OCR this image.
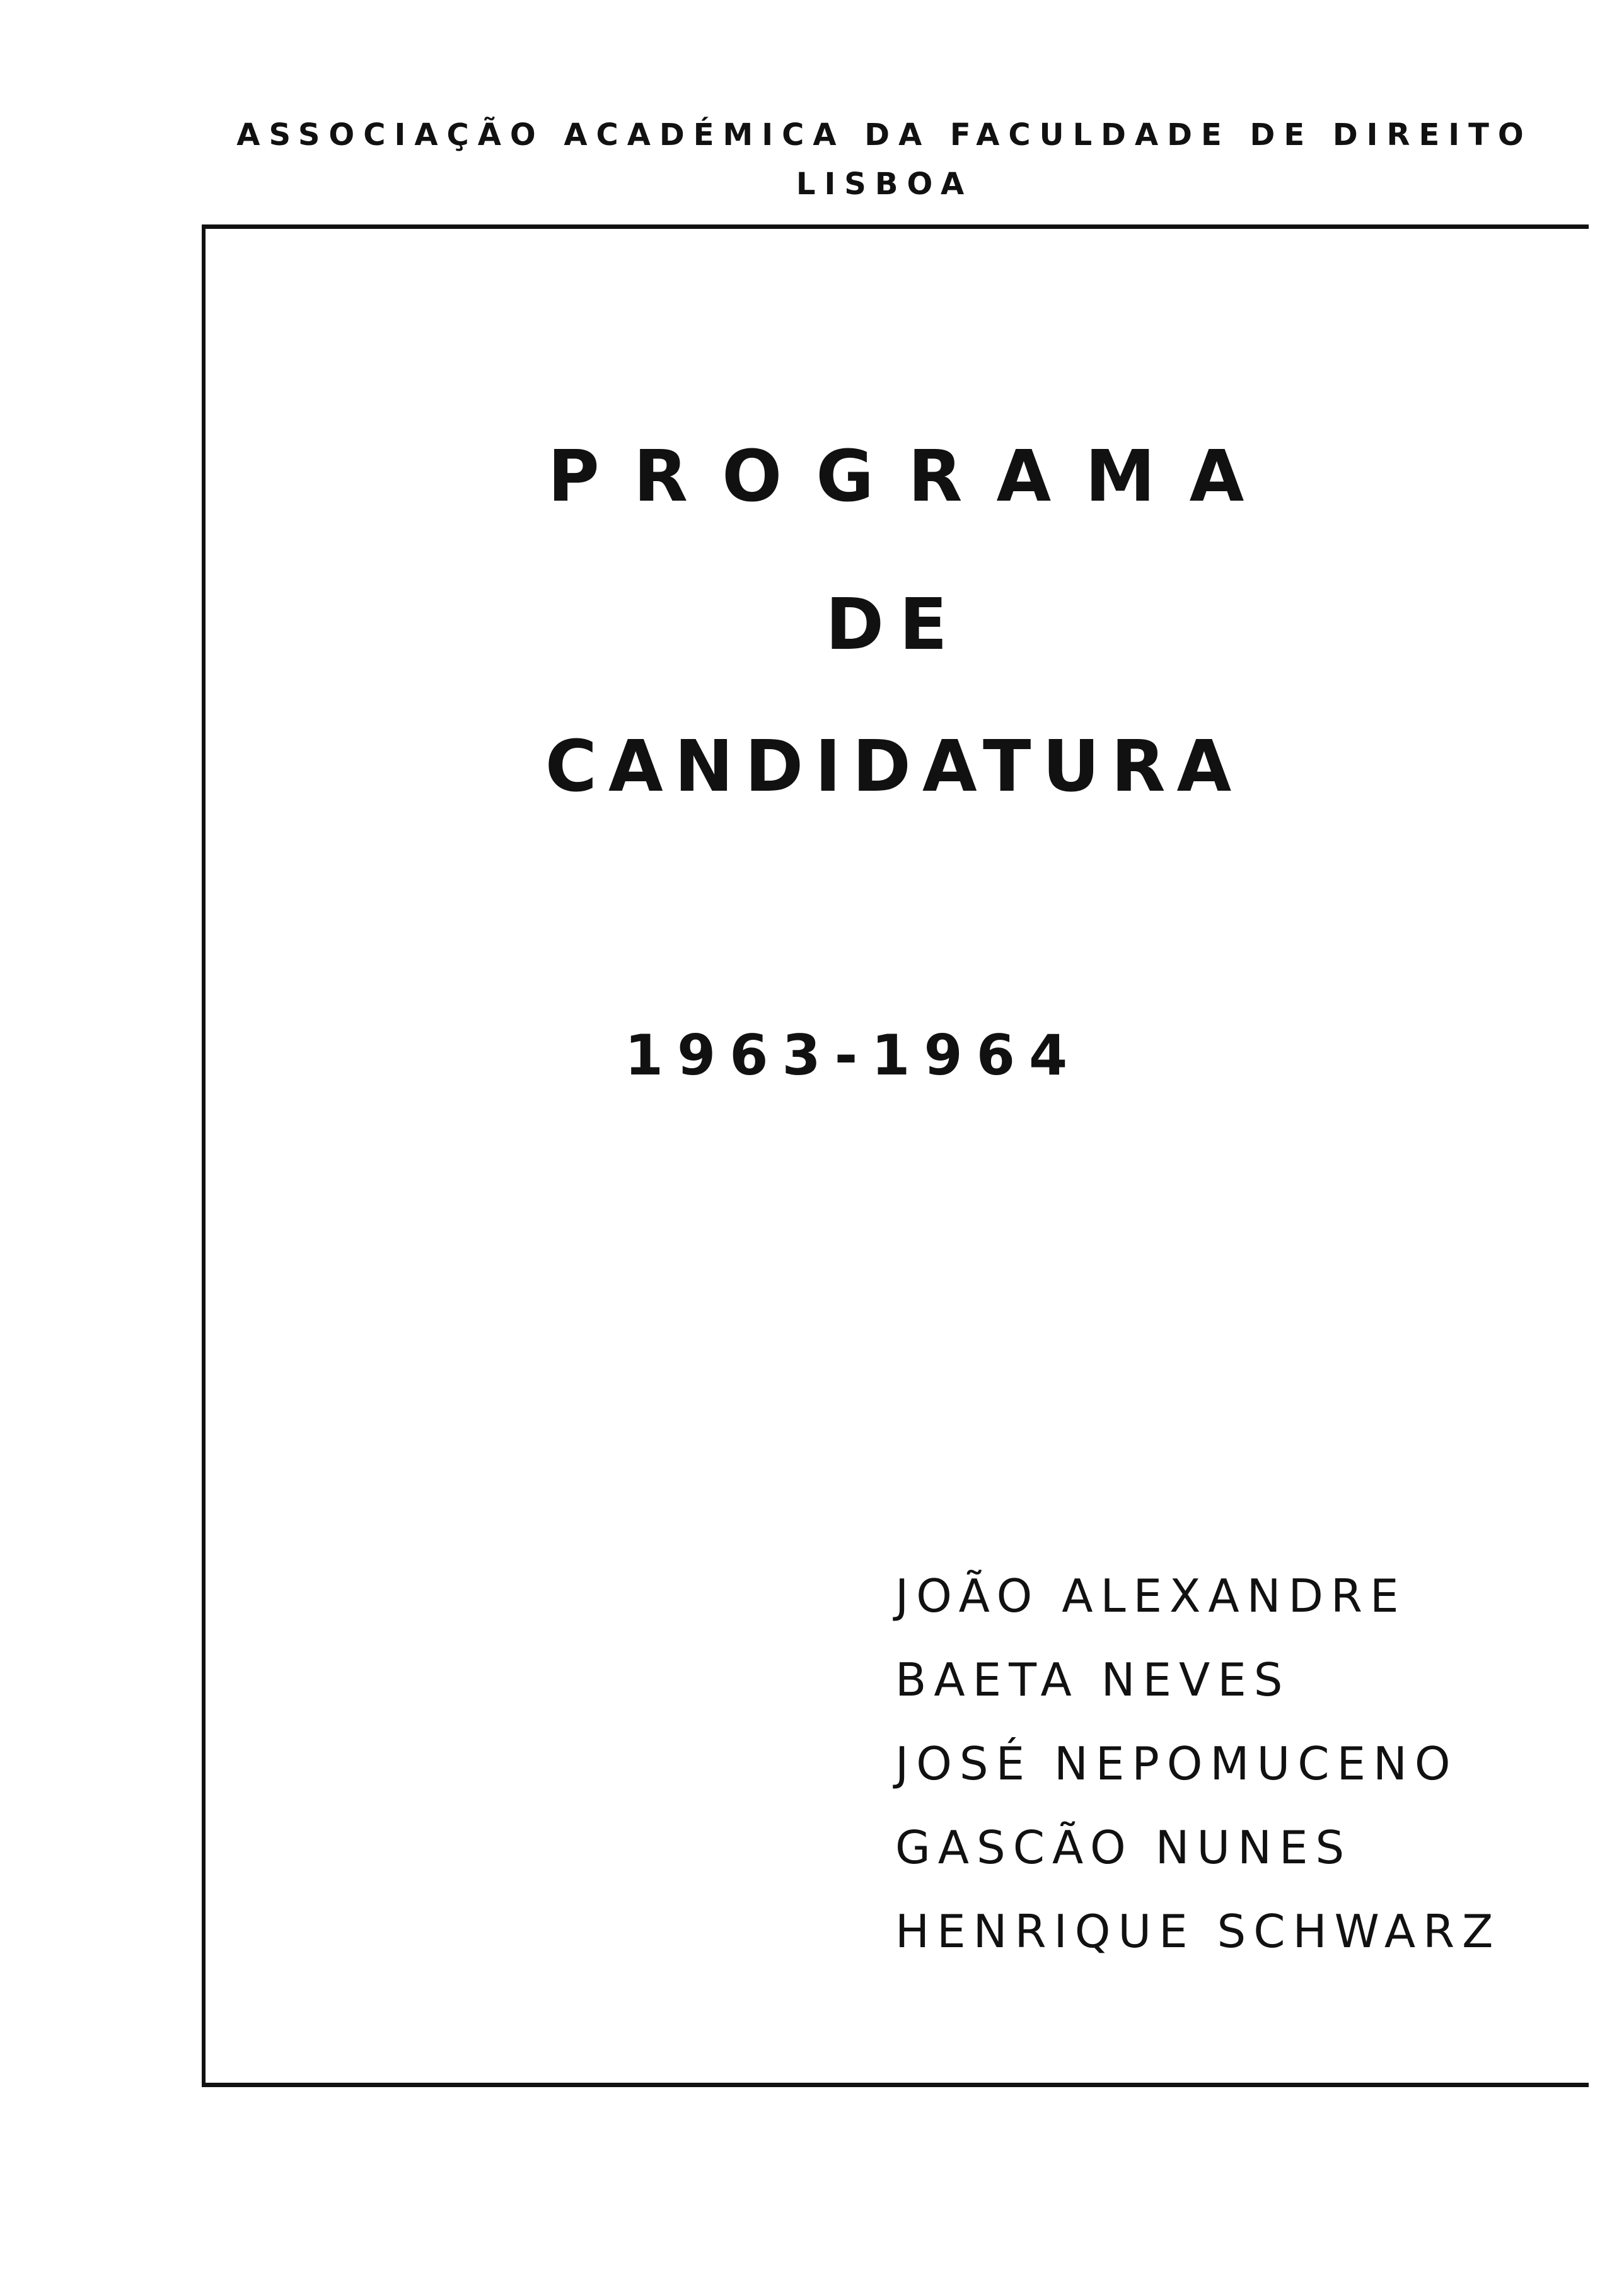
ASSOCIAÇÃO ACADÉMICA DA FACULDADE DE DIREITO
LISBOA
PROGRAMA
DE
CANDIDATURA
1963-1964
JOÃO ALEXANDRE
BAETA NEVES
JOSÉ NEPOMUCENO
GASCÃO NUNES
HENRIQUE SCHWARZ
